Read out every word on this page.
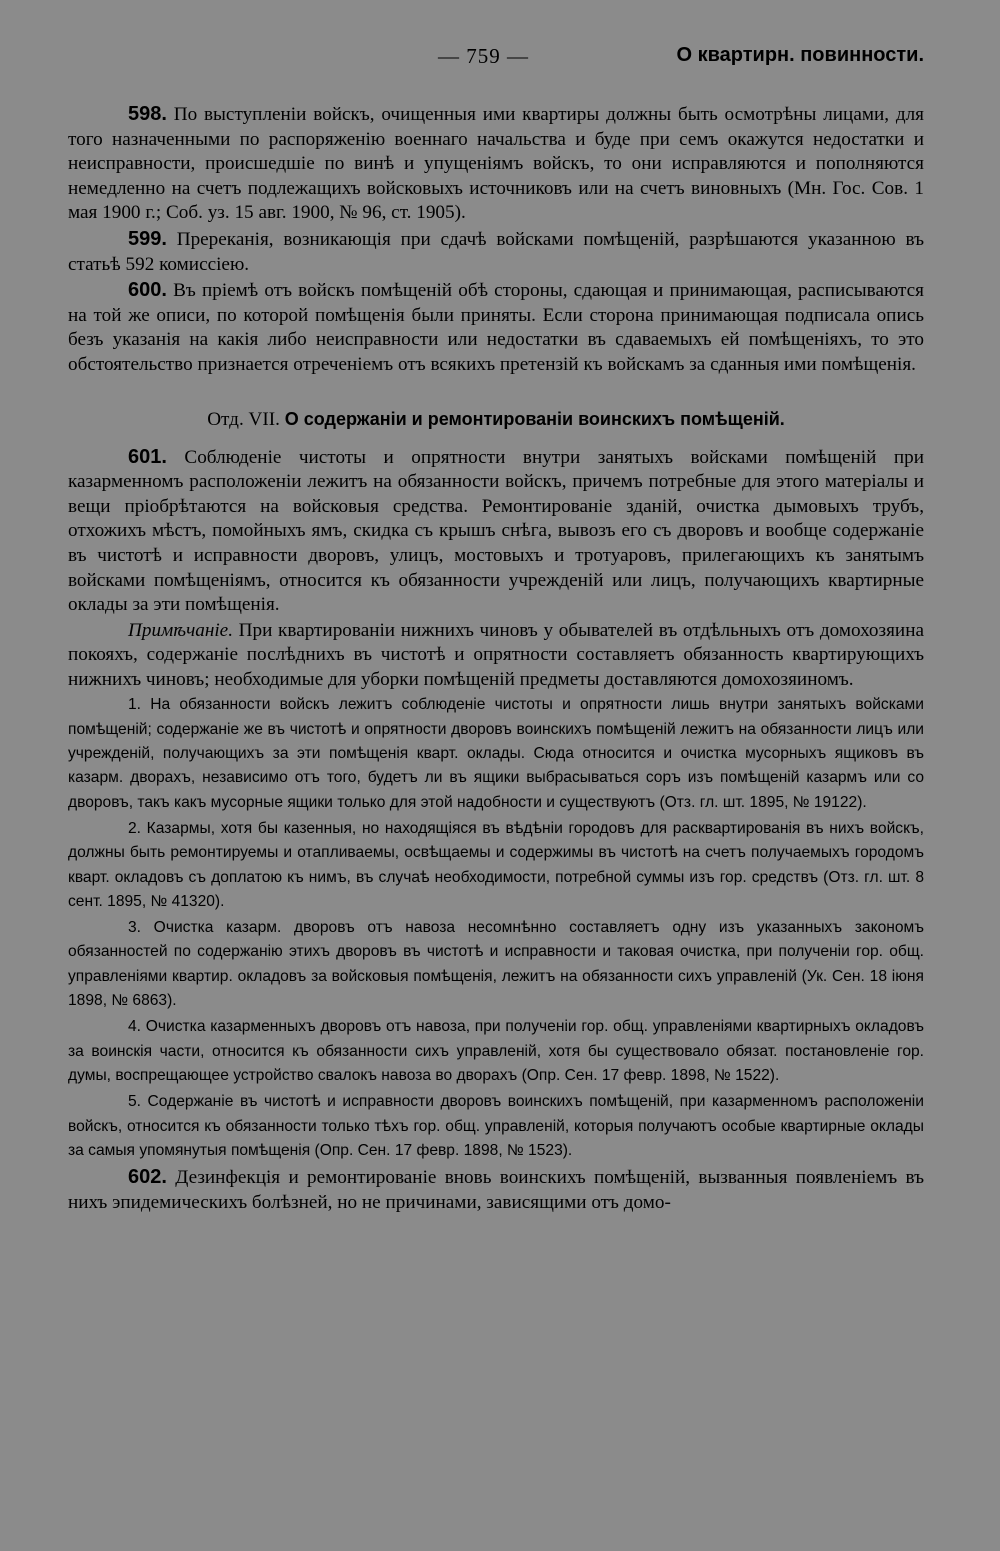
— 759 —	О квартирн. повинности.

598. По выступленіи войскъ, очищенныя ими квартиры должны быть осмотрѣны лицами, для того назначенными по распоряженію военнаго начальства и буде при семъ окажутся недостатки и неисправности, происшедшіе по винѣ и упущеніямъ войскъ, то они исправляются и пополняются немедленно на счетъ подлежащихъ войсковыхъ источниковъ или на счетъ виновныхъ (Мн. Гос. Сов. 1 мая 1900 г.; Соб. уз. 15 авг. 1900, № 96, ст. 1905).

599. Пререканія, возникающія при сдачѣ войсками помѣщеній, разрѣшаются указанною въ статьѣ 592 комиссіею.

600. Въ пріемѣ отъ войскъ помѣщеній обѣ стороны, сдающая и принимающая, расписываются на той же описи, по которой помѣщенія были приняты. Если сторона принимающая подписала опись безъ указанія на какія либо неисправности или недостатки въ сдаваемыхъ ей помѣщеніяхъ, то это обстоятельство признается отреченіемъ отъ всякихъ претензій къ войскамъ за сданныя ими помѣщенія.

Отд. VII. О содержаніи и ремонтированіи воинскихъ помѣщеній.

601. Соблюденіе чистоты и опрятности внутри занятыхъ войсками помѣщеній при казарменномъ расположеніи лежитъ на обязанности войскъ, причемъ потребные для этого матеріалы и вещи пріобрѣтаются на войсковыя средства. Ремонтированіе зданій, очистка дымовыхъ трубъ, отхожихъ мѣстъ, помойныхъ ямъ, скидка съ крышъ снѣга, вывозъ его съ дворовъ и вообще содержаніе въ чистотѣ и исправности дворовъ, улицъ, мостовыхъ и тротуаровъ, прилегающихъ къ занятымъ войсками помѣщеніямъ, относится къ обязанности учрежденій или лицъ, получающихъ квартирные оклады за эти помѣщенія.

Примѣчаніе. При квартированіи нижнихъ чиновъ у обывателей въ отдѣльныхъ отъ домохозяина покояхъ, содержаніе послѣднихъ въ чистотѣ и опрятности составляетъ обязанность квартирующихъ нижнихъ чиновъ; необходимые для уборки помѣщеній предметы доставляются домохозяиномъ.

1. На обязанности войскъ лежитъ соблюденіе чистоты и опрятности лишь внутри занятыхъ войсками помѣщеній; содержаніе же въ чистотѣ и опрятности дворовъ воинскихъ помѣщеній лежитъ на обязанности лицъ или учрежденій, получающихъ за эти помѣщенія кварт. оклады. Сюда относится и очистка мусорныхъ ящиковъ въ казарм. дворахъ, независимо отъ того, будетъ ли въ ящики выбрасываться соръ изъ помѣщеній казармъ или со дворовъ, такъ какъ мусорные ящики только для этой надобности и существуютъ (Отз. гл. шт. 1895, № 19122).

2. Казармы, хотя бы казенныя, но находящіяся въ вѣдѣніи городовъ для расквартированія въ нихъ войскъ, должны быть ремонтируемы и отапливаемы, освѣщаемы и содержимы въ чистотѣ на счетъ получаемыхъ городомъ кварт. окладовъ съ доплатою къ нимъ, въ случаѣ необходимости, потребной суммы изъ гор. средствъ (Отз. гл. шт. 8 сент. 1895, № 41320).

3. Очистка казарм. дворовъ отъ навоза несомнѣнно составляетъ одну изъ указанныхъ закономъ обязанностей по содержанію этихъ дворовъ въ чистотѣ и исправности и таковая очистка, при полученіи гор. общ. управленіями квартир. окладовъ за войсковыя помѣщенія, лежитъ на обязанности сихъ управленій (Ук. Сен. 18 іюня 1898, № 6863).

4. Очистка казарменныхъ дворовъ отъ навоза, при полученіи гор. общ. управленіями квартирныхъ окладовъ за воинскія части, относится къ обязанности сихъ управленій, хотя бы существовало обязат. постановленіе гор. думы, воспрещающее устройство свалокъ навоза во дворахъ (Опр. Сен. 17 февр. 1898, № 1522).

5. Содержаніе въ чистотѣ и исправности дворовъ воинскихъ помѣщеній, при казарменномъ расположеніи войскъ, относится къ обязанности только тѣхъ гор. общ. управленій, которыя получаютъ особые квартирные оклады за самыя упомянутыя помѣщенія (Опр. Сен. 17 февр. 1898, № 1523).

602. Дезинфекція и ремонтированіе вновь воинскихъ помѣщеній, вызванныя появленіемъ въ нихъ эпидемическихъ болѣзней, но не причинами, зависящими отъ домо-
